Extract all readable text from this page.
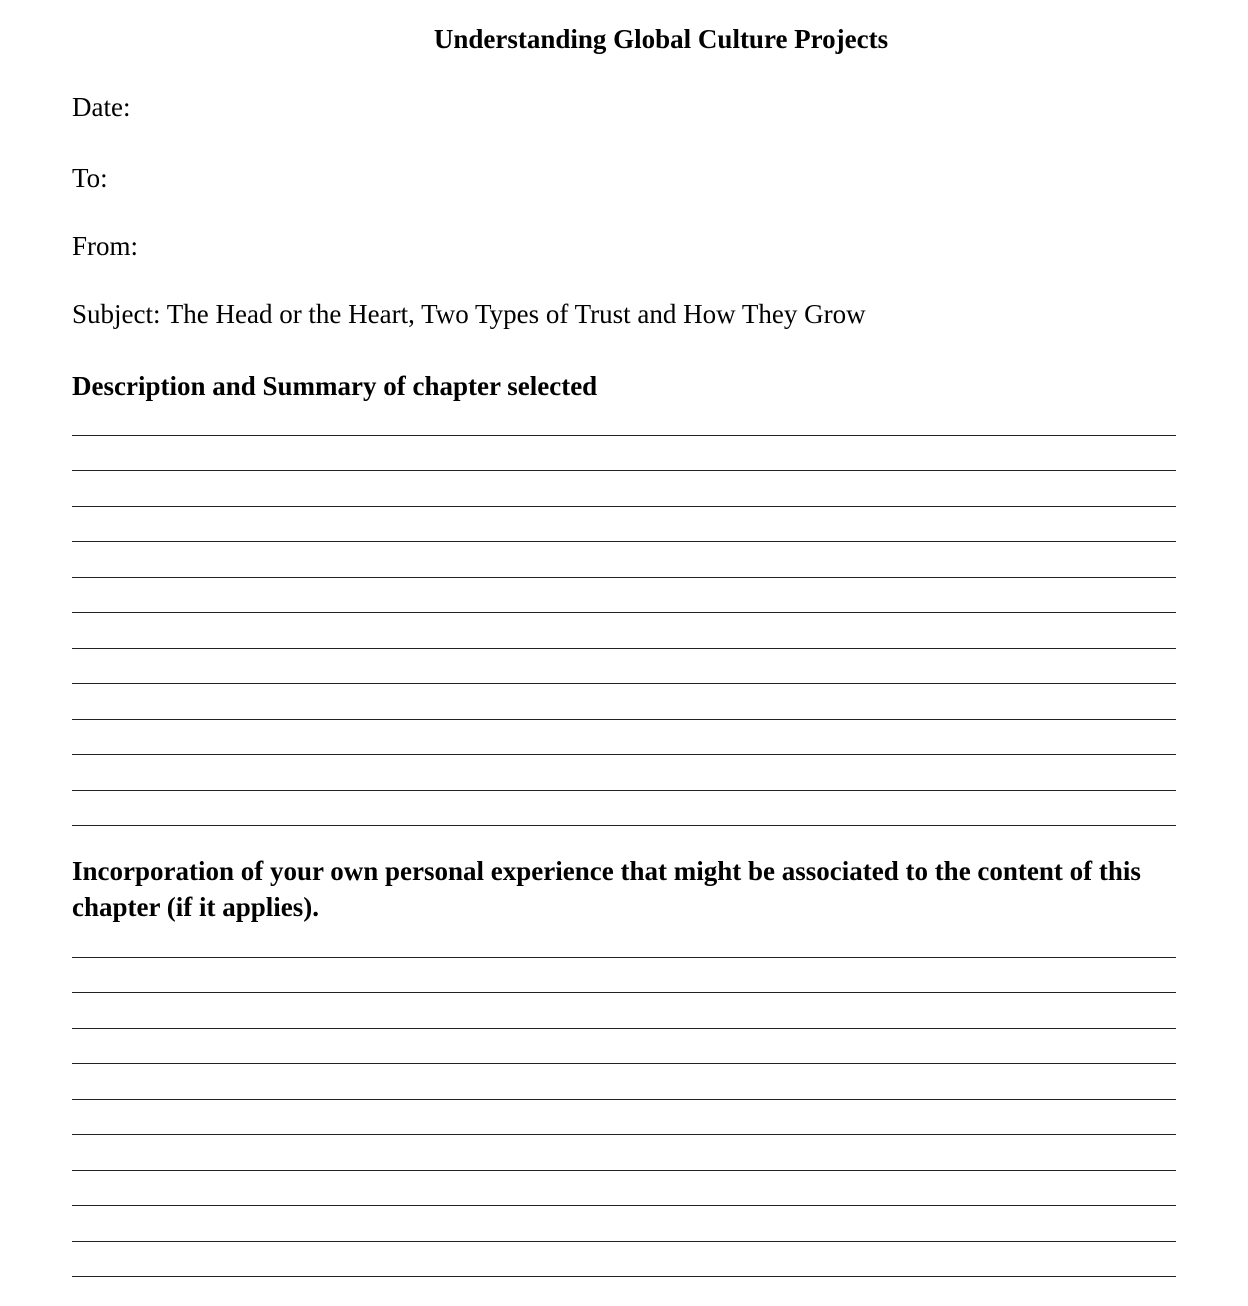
Understanding Global Culture Projects

Date:

To:

From:

Subject: The Head or the Heart, Two Types of Trust and How They Grow

Description and Summary of chapter selected
Incorporation of your own personal experience that might be associated to the content of this chapter (if it applies).
